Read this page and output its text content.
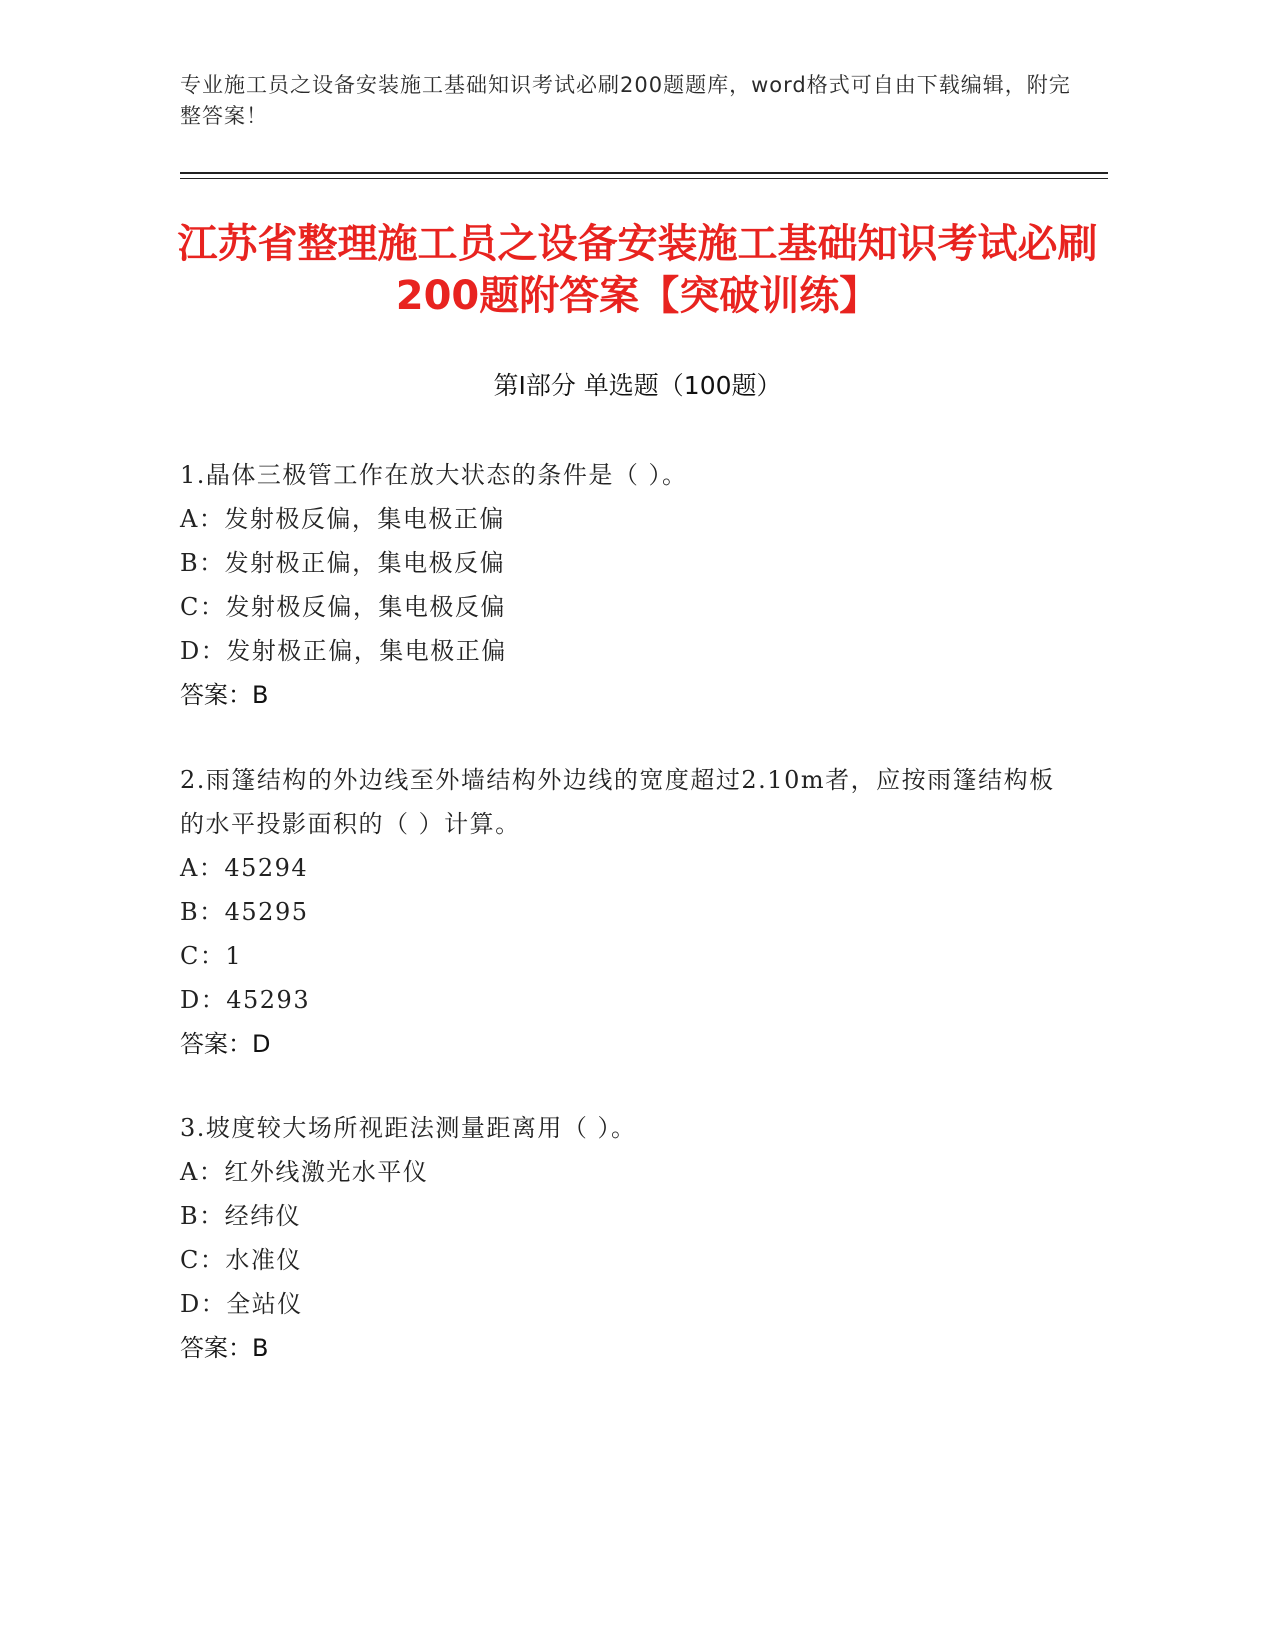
专业施工员之设备安装施工基础知识考试必刷200题题库，word格式可自由下载编辑，附完整答案！
江苏省整理施工员之设备安装施工基础知识考试必刷200题附答案【突破训练】
第I部分 单选题（100题）
1.晶体三极管工作在放大状态的条件是（ ）。
A：发射极反偏，集电极正偏
B：发射极正偏，集电极反偏
C：发射极反偏，集电极反偏
D：发射极正偏，集电极正偏
答案：B
2.雨篷结构的外边线至外墙结构外边线的宽度超过2.10m者，应按雨篷结构板的水平投影面积的（ ）计算。
A：45294
B：45295
C：1
D：45293
答案：D
3.坡度较大场所视距法测量距离用（ ）。
A：红外线激光水平仪
B：经纬仪
C：水准仪
D：全站仪
答案：B
